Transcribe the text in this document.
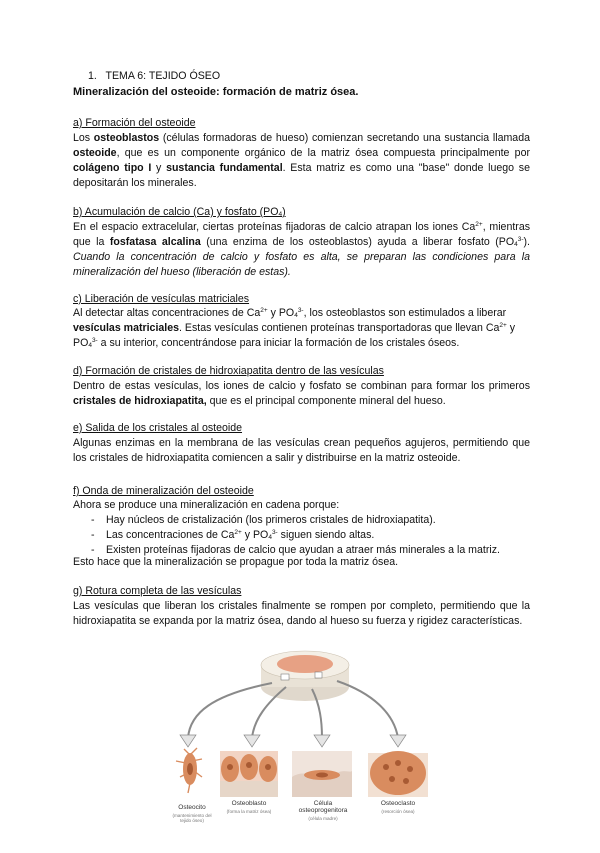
1. TEMA 6: TEJIDO ÓSEO
Mineralización del osteoide: formación de matriz ósea.

a) Formación del osteoide

Los osteoblastos (células formadoras de hueso) comienzan secretando una sustancia llamada osteoide, que es un componente orgánico de la matriz ósea compuesta principalmente por colágeno tipo I y sustancia fundamental. Esta matriz es como una "base" donde luego se depositarán los minerales.

b) Acumulación de calcio (Ca) y fosfato $(PO_4)$

En el espacio extracelular, ciertas proteínas fijadoras de calcio atrapan los iones $Ca^{2+}$, mientras que la fosfatasa alcalina (una enzima de los osteoblastos) ayuda a liberar fosfato $(PO_4^{3-})$. Cuando la concentración de calcio y fosfato es alta, se preparan las condiciones para la mineralización del hueso (liberación de estas).

c) Liberación de vesículas matriciales

Al detectar altas concentraciones de $Ca^{2+}$ y $PO_4^{3-}$, los osteoblastos son estimulados a liberar vesículas matriciales. Estas vesículas contienen proteínas transportadoras que llevan $Ca^{2+}$ y $PO_4^{3-}$ a su interior, concentrándose para iniciar la formación de los cristales óseos.

d) Formación de cristales de hidroxiapatita dentro de las vesículas

Dentro de estas vesículas, los iones de calcio y fosfato se combinan para formar los primeros cristales de hidroxiapatita, que es el principal componente mineral del hueso.

e) Salida de los cristales al osteoide

Algunas enzimas en la membrana de las vesículas crean pequeños agujeros, permitiendo que los cristales de hidroxiapatita comiencen a salir y distribuirse en la matriz osteoide.

f) Onda de mineralización del osteoide

Ahora se produce una mineralización en cadena porque:

- Hay núcleos de cristalización (los primeros cristales de hidroxiapatita).
- Las concentraciones de $Ca^{2+}$ y $PO_4^{3-}$ siguen siendo altas.
- Existen proteínas fijadoras de calcio que ayudan a atraer más minerales a la matriz.

Esto hace que la mineralización se propague por toda la matriz ósea.

g) Rotura completa de las vesículas

Las vesículas que liberan los cristales finalmente se rompen por completo, permitiendo que la hidroxiapatita se expanda por la matriz ósea, dando al hueso su fuerza y rigidez características.

Osteocito
(mantenimiento del tejido óseo)
Osteoblasto
(forma la matriz ósea)
Célula osteoprogenitora
(célula madre)
Osteoclasto
(resorción ósea)
